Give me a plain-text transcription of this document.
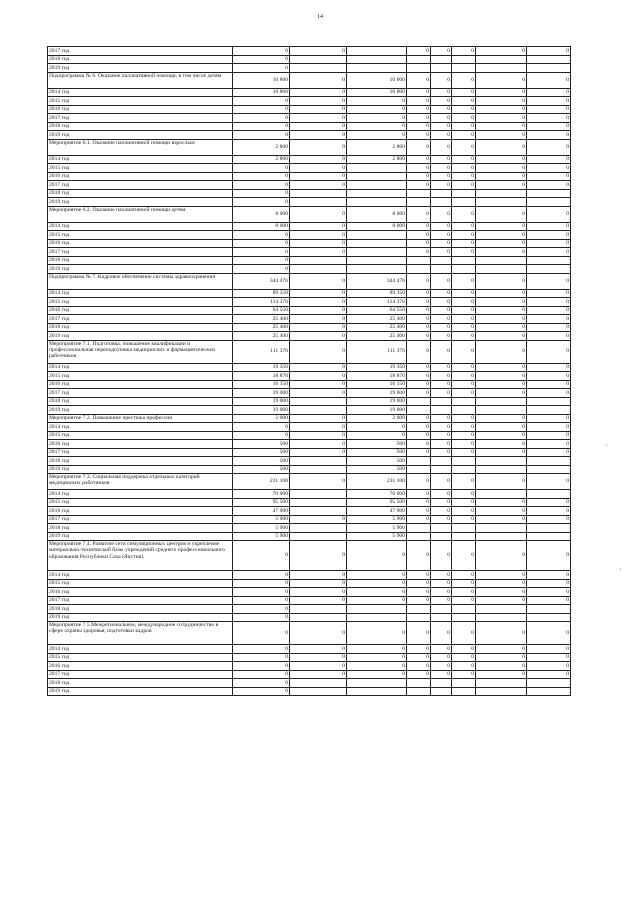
14
2017 год	0	0		0	0	0	0	0
2018 год	0							
2019 год	0							
Подпрограмма № 6. Оказание паллиативной помощи, в том числе детям	10 800	0	10 800	0	0	0	0	0
2014 год	10 800	0	10 800	0	0	0	0	0
2015 год	0	0	0	0	0	0	0	0
2016 год	0	0	0	0	0	0	0	0
2017 год	0	0	0	0	0	0	0	0
2018 год	0	0	0	0	0	0	0	0
2019 год	0	0	0	0	0	0	0	0
Мероприятие 6.1. Оказание паллиативной помощи взрослым	2 800	0	2 800	0	0	0	0	0
2014 год	2 800	0	2 800	0	0	0	0	0
2015 год	0	0		0	0	0	0	0
2016 год	0	0		0	0	0	0	0
2017 год	0	0		0	0	0	0	0
2018 год	0							
2019 год	0							
Мероприятие 6.2. Оказание паллиативной помощи детям	8 000	0	8 000	0	0	0	0	0
2014 год	8 000	0	8 000	0	0	0	0	0
2015 год	0	0		0	0	0	0	0
2016 год	0	0		0	0	0	0	0
2017 год	0	0		0	0	0	0	0
2018 год	0							
2019 год	0							
Подпрограмма № 7. Кадровое обеспечение системы здравоохранения	344 476	0	344 476	0	0	0	0	0
2014 год	89 350	0	89 350	0	0	0	0	0
2015 год	114 376	0	114 376	0	0	0	0	0
2016 год	64 550	0	64 550	0	0	0	0	0
2017 год	25 400	0	25 400	0	0	0	0	0
2018 год	25 400	0	25 400	0	0	0	0	0
2019 год	25 400	0	25 400	0	0	0	0	0
Мероприятие 7.1. Подготовка, повышение квалификации и профессиональная переподготовка медицинских и фармацевтических работников	111 376	0	111 376	0	0	0	0	0
2014 год	19 350	0	19 350	0	0	0	0	0
2015 год	18 876	0	18 876	0	0	0	0	0
2016 год	16 150	0	16 150	0	0	0	0	0
2017 год	19 000	0	19 000	0	0	0	0	0
2018 год	19 000		19 000					
2019 год	19 000		19 000					
Мероприятие 7.2. Повышение престижа профессии	2 000	0	2 000	0	0	0	0	0
2014 год	0	0	0	0	0	0	0	0
2015 год	0	0	0	0	0	0	0	0
2016 год	500	0	500	0	0	0	0	0
2017 год	500	0	500	0	0	0	0	0
2018 год	500		500					
2019 год	500		500					
Мероприятие 7.3. Социальная поддержка отдельных категорий медицинских работников	231 100	0	231 100	0	0	0	0	0
2014 год	70 000		70 000	0	0	0		
2015 год	95 500		95 500	0	0	0	0	0
2016 год	47 900		47 900	0	0	0	0	0
2017 год	5 900	0	5 900	0	0	0	0	0
2018 год	5 900		5 900					
2019 год	5 900		5 900					
Мероприятие 7.4. Развитие сети симуляционных центров и укрепление материально-технической базы учреждений среднего профессионального образования Республики Саха (Якутия).	0	0	0	0	0	0	0	0
2014 год	0	0	0	0	0	0	0	0
2015 год	0	0	0	0	0	0	0	0
2016 год	0	0	0	0	0	0	0	0
2017 год	0	0	0	0	0	0	0	0
2018 год	0							
2019 год	0							
Мероприятие 7.5 Межрегиональное, международное сотрудничество в сфере охраны здоровья, подготовки кадров	0	0	0	0	0	0	0	0
2014 год	0	0	0	0	0	0	0	0
2015 год	0	0	0	0	0	0	0	0
2016 год	0	0	0	0	0	0	0	0
2017 год	0	0	0	0	0	0	0	0
2018 год	0							
2019 год	0							
,
,
